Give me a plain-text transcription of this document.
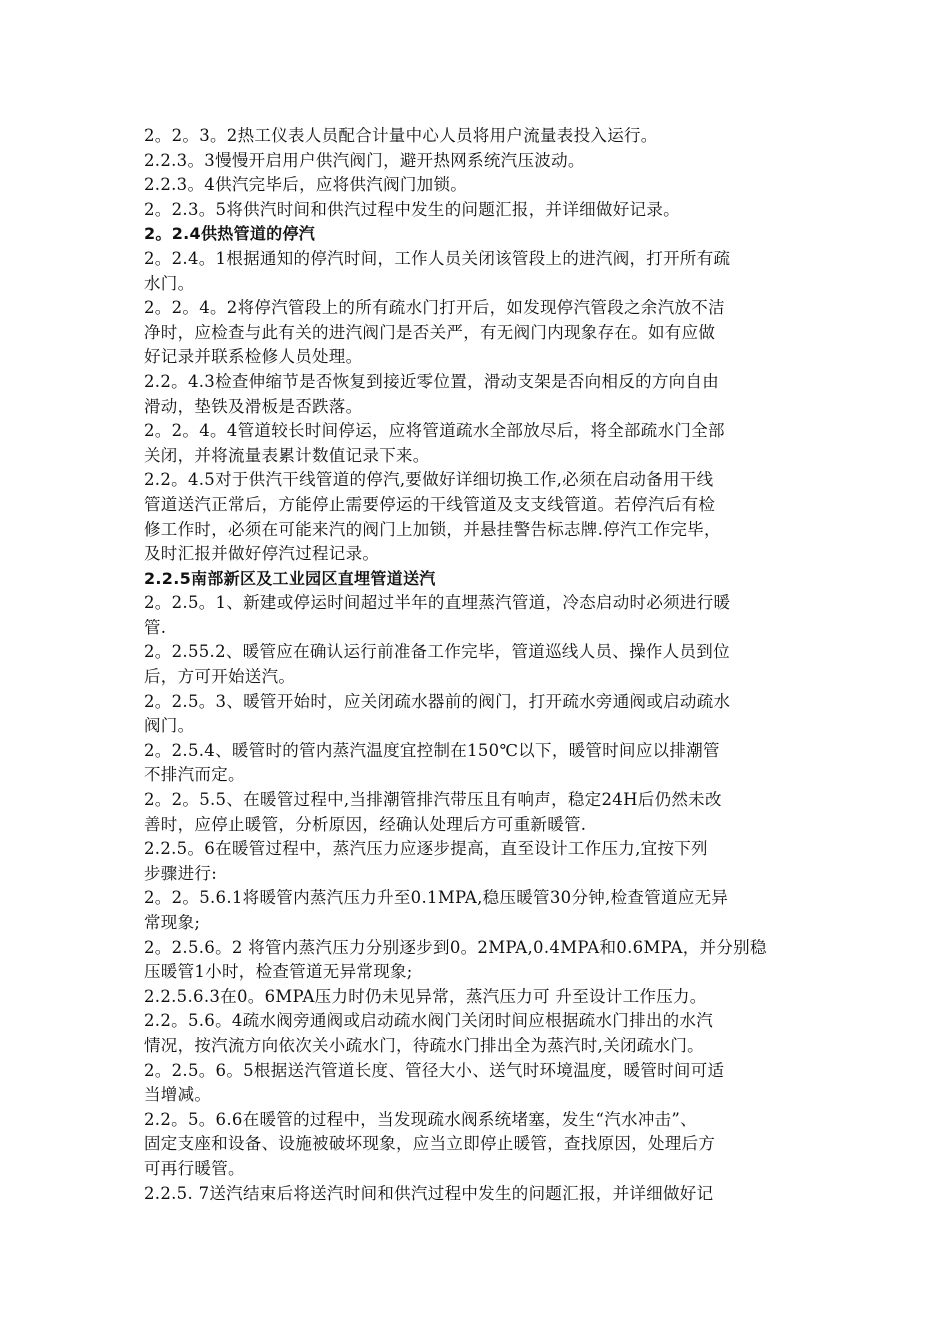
2。2。3。2热工仪表人员配合计量中心人员将用户流量表投入运行。
2.2.3。3慢慢开启用户供汽阀门，避开热网系统汽压波动。
2.2.3。4供汽完毕后，应将供汽阀门加锁。
2。2.3。5将供汽时间和供汽过程中发生的问题汇报，并详细做好记录。
2。2.4供热管道的停汽
2。2.4。1根据通知的停汽时间，工作人员关闭该管段上的进汽阀，打开所有疏
水门。
2。2。4。2将停汽管段上的所有疏水门打开后，如发现停汽管段之余汽放不洁
净时，应检查与此有关的进汽阀门是否关严，有无阀门内现象存在。如有应做
好记录并联系检修人员处理。
2.2。4.3检查伸缩节是否恢复到接近零位置，滑动支架是否向相反的方向自由
滑动，垫铁及滑板是否跌落。
2。2。4。4管道较长时间停运，应将管道疏水全部放尽后，将全部疏水门全部
关闭，并将流量表累计数值记录下来。
2.2。4.5对于供汽干线管道的停汽,要做好详细切换工作,必须在启动备用干线
管道送汽正常后，方能停止需要停运的干线管道及支支线管道。若停汽后有检
修工作时，必须在可能来汽的阀门上加锁，并悬挂警告标志牌.停汽工作完毕，
及时汇报并做好停汽过程记录。
2.2.5南部新区及工业园区直埋管道送汽
2。2.5。1、新建或停运时间超过半年的直埋蒸汽管道，冷态启动时必须进行暖
管.
2。2.55.2、暖管应在确认运行前准备工作完毕，管道巡线人员、操作人员到位
后，方可开始送汽。
2。2.5。3、暖管开始时，应关闭疏水器前的阀门，打开疏水旁通阀或启动疏水
阀门。
2。2.5.4、暖管时的管内蒸汽温度宜控制在150℃以下，暖管时间应以排潮管
不排汽而定。
2。2。5.5、在暖管过程中,当排潮管排汽带压且有响声，稳定24H后仍然未改
善时，应停止暖管，分析原因，经确认处理后方可重新暖管.
2.2.5。6在暖管过程中，蒸汽压力应逐步提高，直至设计工作压力,宜按下列
步骤进行:
2。2。5.6.1将暖管内蒸汽压力升至0.1MPA,稳压暖管30分钟,检查管道应无异
常现象;
2。2.5.6。2 将管内蒸汽压力分别逐步到0。2MPA,0.4MPA和0.6MPA，并分别稳
压暖管1小时，检查管道无异常现象;
2.2.5.6.3在0。6MPA压力时仍未见异常，蒸汽压力可 升至设计工作压力。
2.2。5.6。4疏水阀旁通阀或启动疏水阀门关闭时间应根据疏水门排出的水汽
情况，按汽流方向依次关小疏水门，待疏水门排出全为蒸汽时,关闭疏水门。
2。2.5。6。5根据送汽管道长度、管径大小、送气时环境温度，暖管时间可适
当增减。
2.2。5。6.6在暖管的过程中，当发现疏水阀系统堵塞，发生“汽水冲击”、
固定支座和设备、设施被破坏现象，应当立即停止暖管，查找原因，处理后方
可再行暖管。
2.2.5. 7送汽结束后将送汽时间和供汽过程中发生的问题汇报，并详细做好记
